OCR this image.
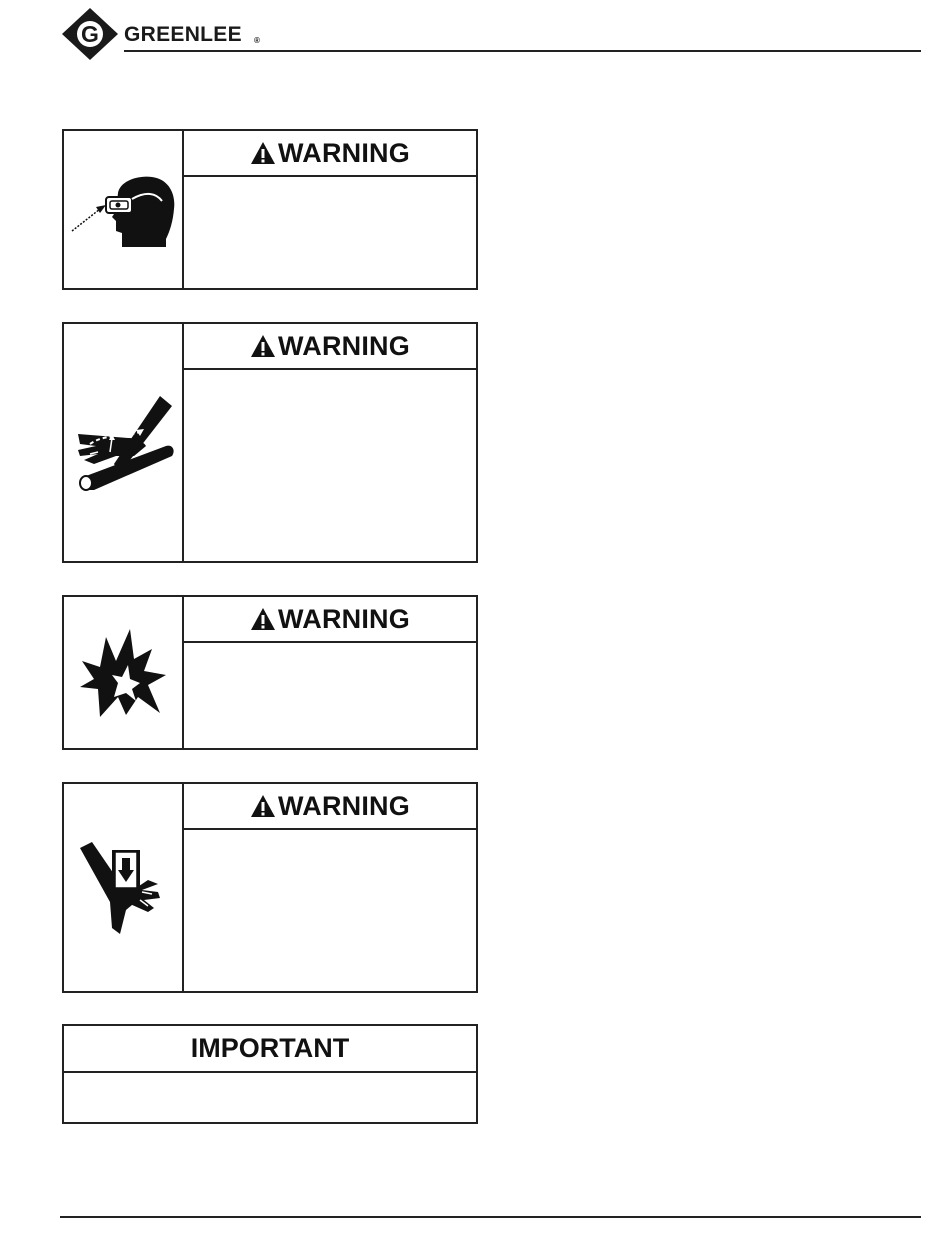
G GREENLEE ®
WARNING
WARNING
WARNING
WARNING
IMPORTANT
